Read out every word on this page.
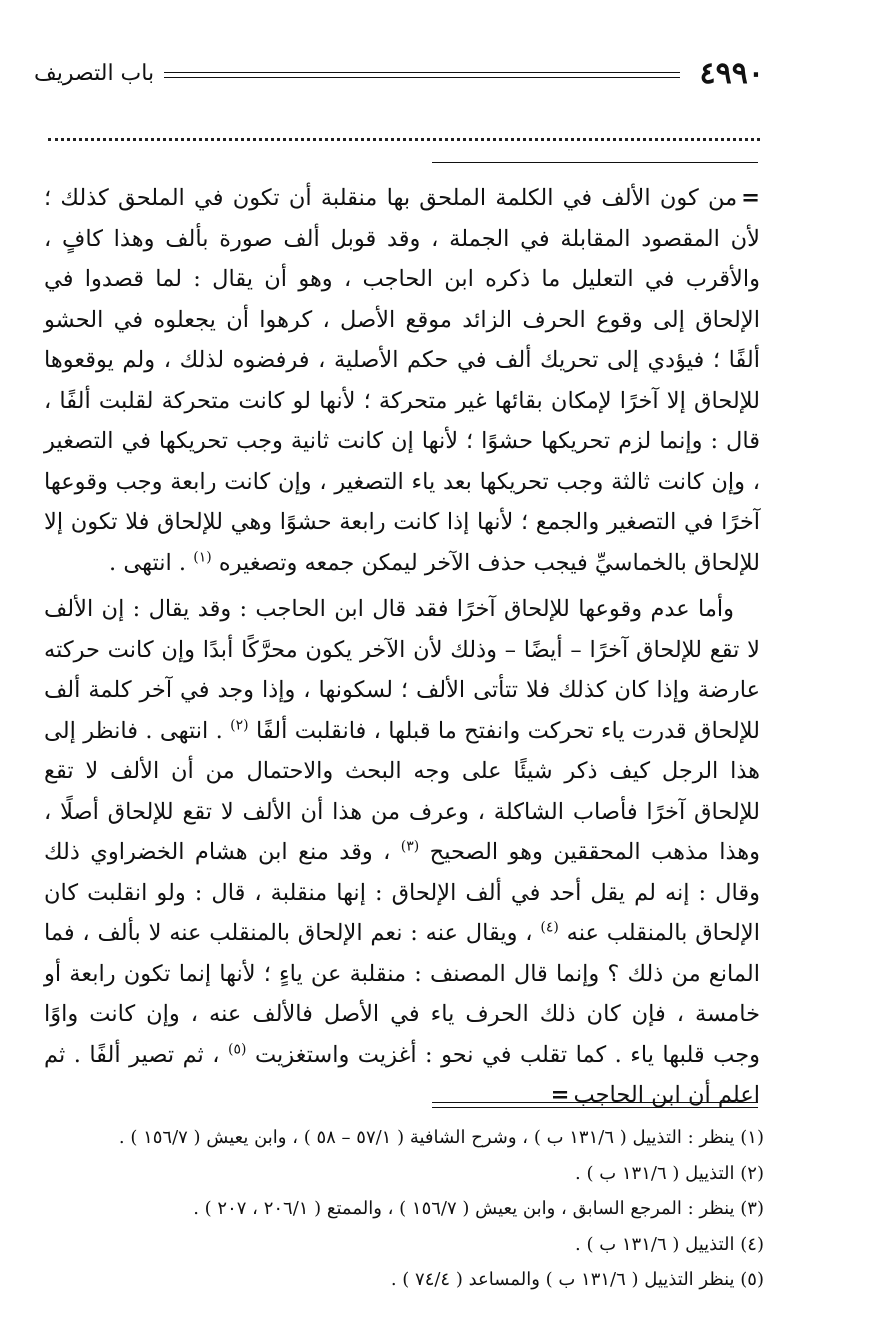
٤٩٩٠
باب التصريف

=من كون الألف في الكلمة الملحق بها منقلبة أن تكون في الملحق كذلك ؛ لأن المقصود المقابلة في الجملة ، وقد قوبل ألف صورة بألف وهذا كافٍ ، والأقرب في التعليل ما ذكره ابن الحاجب ، وهو أن يقال : لما قصدوا في الإلحاق إلى وقوع الحرف الزائد موقع الأصل ، كرهوا أن يجعلوه في الحشو ألفًا ؛ فيؤدي إلى تحريك ألف في حكم الأصلية ، فرفضوه لذلك ، ولم يوقعوها للإلحاق إلا آخرًا لإمكان بقائها غير متحركة ؛ لأنها لو كانت متحركة لقلبت ألفًا ، قال : وإنما لزم تحريكها حشوًا ؛ لأنها إن كانت ثانية وجب تحريكها في التصغير ، وإن كانت ثالثة وجب تحريكها بعد ياء التصغير ، وإن كانت رابعة وجب وقوعها آخرًا في التصغير والجمع ؛ لأنها إذا كانت رابعة حشوًا وهي للإلحاق فلا تكون إلا للإلحاق بالخماسيِّ فيجب حذف الآخر ليمكن جمعه وتصغيره $^{(١)}$ . انتهى .

وأما عدم وقوعها للإلحاق آخرًا فقد قال ابن الحاجب : وقد يقال : إن الألف لا تقع للإلحاق آخرًا – أيضًا – وذلك لأن الآخر يكون محرَّكًا أبدًا وإن كانت حركته عارضة وإذا كان كذلك فلا تتأتى الألف ؛ لسكونها ، وإذا وجد في آخر كلمة ألف للإلحاق قدرت ياء تحركت وانفتح ما قبلها ، فانقلبت ألفًا $^{(٢)}$ . انتهى . فانظر إلى هذا الرجل كيف ذكر شيئًا على وجه البحث والاحتمال من أن الألف لا تقع للإلحاق آخرًا فأصاب الشاكلة ، وعرف من هذا أن الألف لا تقع للإلحاق أصلًا ، وهذا مذهب المحققين وهو الصحيح $^{(٣)}$ ، وقد منع ابن هشام الخضراوي ذلك وقال : إنه لم يقل أحد في ألف الإلحاق : إنها منقلبة ، قال : ولو انقلبت كان الإلحاق بالمنقلب عنه $^{(٤)}$ ، ويقال عنه : نعم الإلحاق بالمنقلب عنه لا بألف ، فما المانع من ذلك ؟ وإنما قال المصنف : منقلبة عن ياءٍ ؛ لأنها إنما تكون رابعة أو خامسة ، فإن كان ذلك الحرف ياء في الأصل فالألف عنه ، وإن كانت واوًا وجب قلبها ياء . كما تقلب في نحو : أغزيت واستغزيت $^{(٥)}$ ، ثم تصير ألفًا . ثم اعلم أن ابن الحاجب=

(١) ينظر : التذييل ( ١٣١/٦ ب ) ، وشرح الشافية ( ٥٧/١ – ٥٨ ) ، وابن يعيش ( ١٥٦/٧ ) .

(٢) التذييل ( ١٣١/٦ ب ) .

(٣) ينظر : المرجع السابق ، وابن يعيش ( ١٥٦/٧ ) ، والممتع ( ٢٠٦/١ ، ٢٠٧ ) .

(٤) التذييل ( ١٣١/٦ ب ) .

(٥) ينظر التذييل ( ١٣١/٦ ب ) والمساعد ( ٧٤/٤ ) .
